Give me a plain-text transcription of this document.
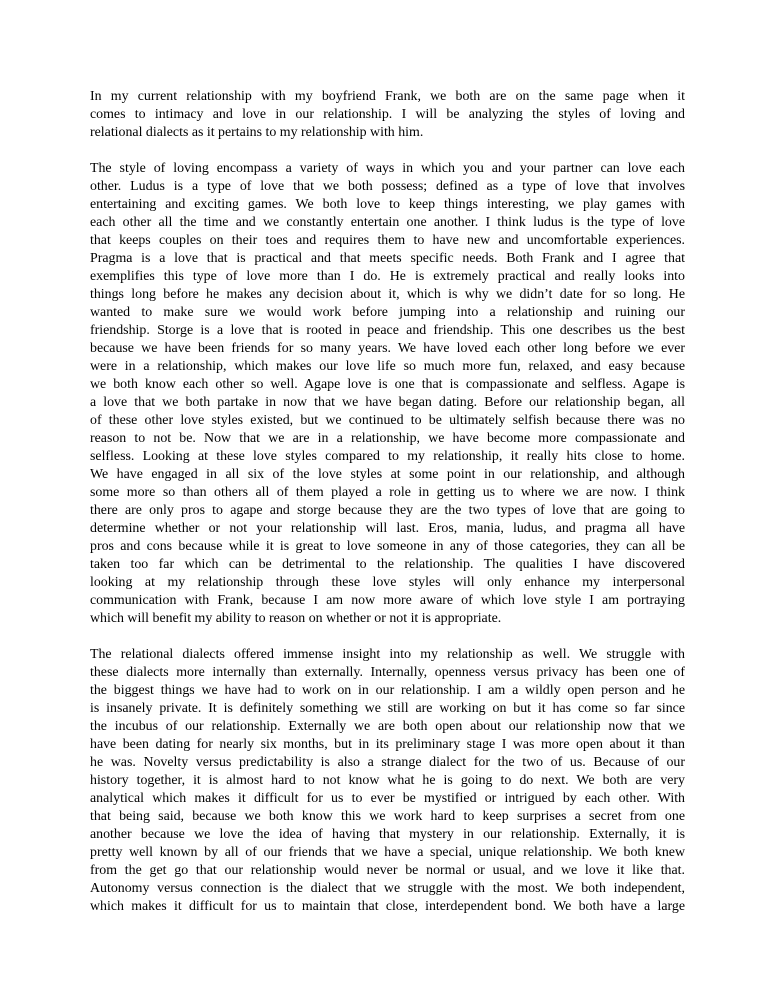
In my current relationship with my boyfriend Frank, we both are on the same page when it
comes to intimacy and love in our relationship. I will be analyzing the styles of loving and
relational dialects as it pertains to my relationship with him.
The style of loving encompass a variety of ways in which you and your partner can love each
other. Ludus is a type of love that we both possess; defined as a type of love that involves
entertaining and exciting games. We both love to keep things interesting, we play games with
each other all the time and we constantly entertain one another. I think ludus is the type of love
that keeps couples on their toes and requires them to have new and uncomfortable experiences.
Pragma is a love that is practical and that meets specific needs. Both Frank and I agree that
exemplifies this type of love more than I do. He is extremely practical and really looks into
things long before he makes any decision about it, which is why we didn’t date for so long. He
wanted to make sure we would work before jumping into a relationship and ruining our
friendship. Storge is a love that is rooted in peace and friendship. This one describes us the best
because we have been friends for so many years. We have loved each other long before we ever
were in a relationship, which makes our love life so much more fun, relaxed, and easy because
we both know each other so well. Agape love is one that is compassionate and selfless. Agape is
a love that we both partake in now that we have began dating. Before our relationship began, all
of these other love styles existed, but we continued to be ultimately selfish because there was no
reason to not be. Now that we are in a relationship, we have become more compassionate and
selfless. Looking at these love styles compared to my relationship, it really hits close to home.
We have engaged in all six of the love styles at some point in our relationship, and although
some more so than others all of them played a role in getting us to where we are now. I think
there are only pros to agape and storge because they are the two types of love that are going to
determine whether or not your relationship will last. Eros, mania, ludus, and pragma all have
pros and cons because while it is great to love someone in any of those categories, they can all be
taken too far which can be detrimental to the relationship. The qualities I have discovered
looking at my relationship through these love styles will only enhance my interpersonal
communication with Frank, because I am now more aware of which love style I am portraying
which will benefit my ability to reason on whether or not it is appropriate.
The relational dialects offered immense insight into my relationship as well. We struggle with
these dialects more internally than externally. Internally, openness versus privacy has been one of
the biggest things we have had to work on in our relationship. I am a wildly open person and he
is insanely private. It is definitely something we still are working on but it has come so far since
the incubus of our relationship. Externally we are both open about our relationship now that we
have been dating for nearly six months, but in its preliminary stage I was more open about it than
he was. Novelty versus predictability is also a strange dialect for the two of us. Because of our
history together, it is almost hard to not know what he is going to do next. We both are very
analytical which makes it difficult for us to ever be mystified or intrigued by each other. With
that being said, because we both know this we work hard to keep surprises a secret from one
another because we love the idea of having that mystery in our relationship. Externally, it is
pretty well known by all of our friends that we have a special, unique relationship. We both knew
from the get go that our relationship would never be normal or usual, and we love it like that.
Autonomy versus connection is the dialect that we struggle with the most. We both independent,
which makes it difficult for us to maintain that close, interdependent bond. We both have a large
